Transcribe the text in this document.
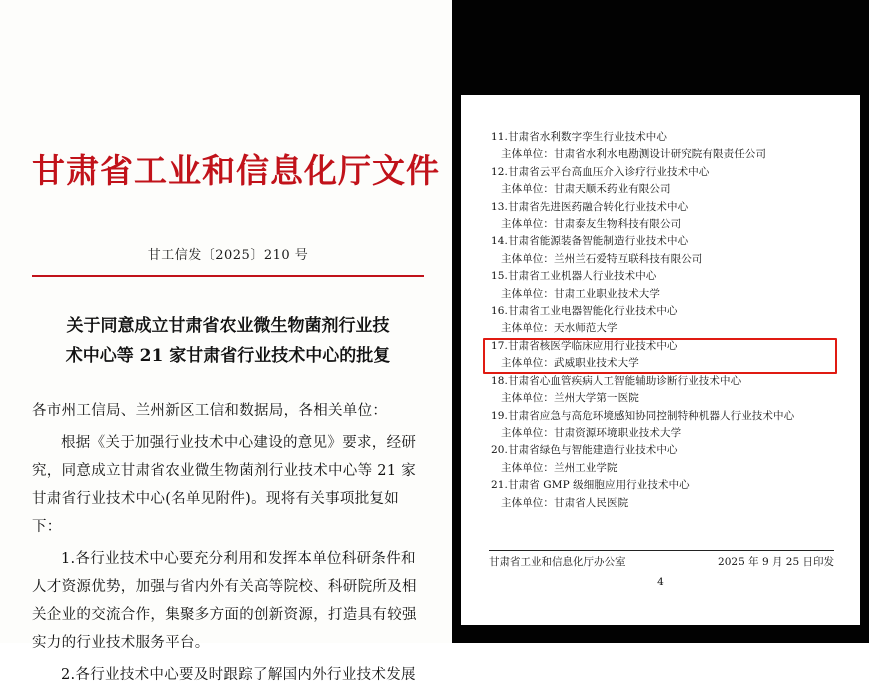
甘肃省工业和信息化厅文件
甘工信发〔2025〕210 号
关于同意成立甘肃省农业微生物菌剂行业技
术中心等 21 家甘肃省行业技术中心的批复

各市州工信局、兰州新区工信和数据局，各相关单位：

根据《关于加强行业技术中心建设的意见》要求，经研究，同意成立甘肃省农业微生物菌剂行业技术中心等 21 家甘肃省行业技术中心(名单见附件)。现将有关事项批复如下：

1.各行业技术中心要充分利用和发挥本单位科研条件和人才资源优势，加强与省内外有关高等院校、科研院所及相关企业的交流合作，集聚多方面的创新资源，打造具有较强实力的行业技术服务平台。

2.各行业技术中心要及时跟踪了解国内外行业技术发展

11.甘肃省水利数字孪生行业技术中心
主体单位：甘肃省水利水电勘测设计研究院有限责任公司
12.甘肃省云平台高血压介入诊疗行业技术中心
主体单位：甘肃天顺禾药业有限公司
13.甘肃省先进医药融合转化行业技术中心
主体单位：甘肃泰友生物科技有限公司
14.甘肃省能源装备智能制造行业技术中心
主体单位：兰州兰石爱特互联科技有限公司
15.甘肃省工业机器人行业技术中心
主体单位：甘肃工业职业技术大学
16.甘肃省工业电器智能化行业技术中心
主体单位：天水师范大学
17.甘肃省核医学临床应用行业技术中心
主体单位：武威职业技术大学
18.甘肃省心血管疾病人工智能辅助诊断行业技术中心
主体单位：兰州大学第一医院
19.甘肃省应急与高危环境感知协同控制特种机器人行业技术中心
主体单位：甘肃资源环境职业技术大学
20.甘肃省绿色与智能建造行业技术中心
主体单位：兰州工业学院
21.甘肃省 GMP 级细胞应用行业技术中心
主体单位：甘肃省人民医院
甘肃省工业和信息化厅办公室	2025 年 9 月 25 日印发
4
